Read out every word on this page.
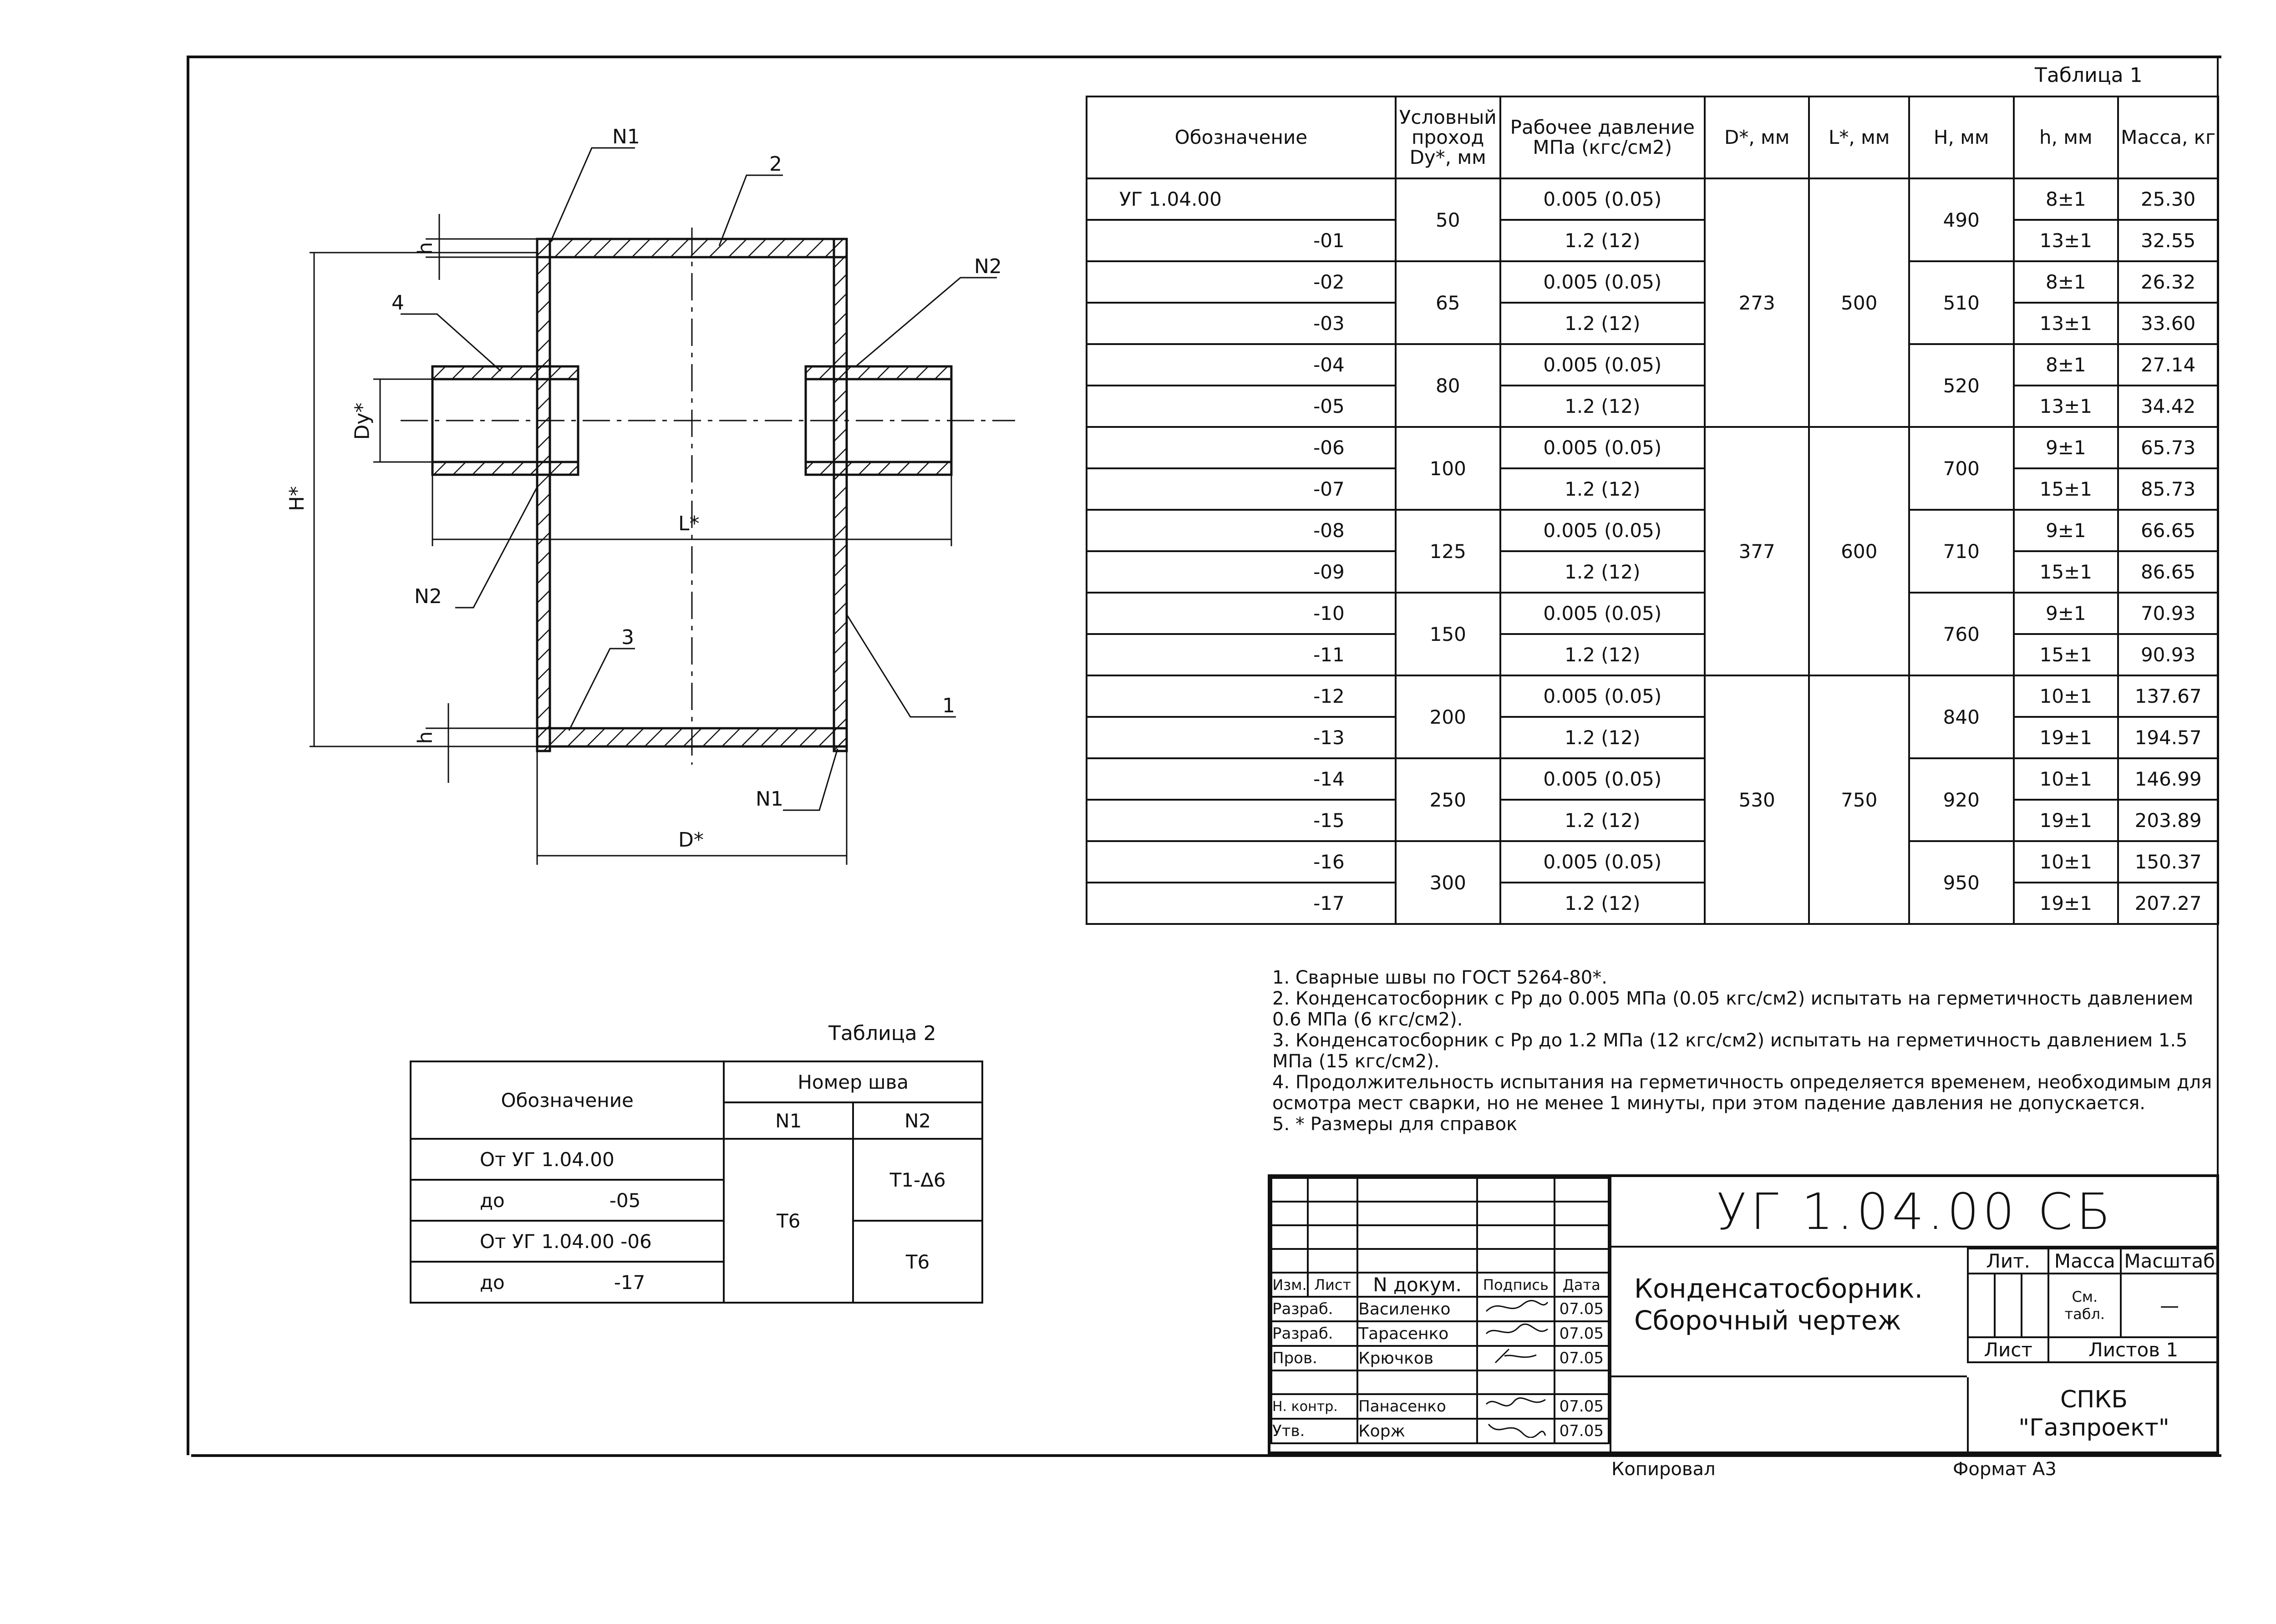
N1
2
N2
4
N2
3
1
N1
h
h
Dу*
H*
L*
D*
Таблица 1
Обозначение	Условный проход Dу*, мм	Рабочее давление МПа (кгс/см2)	D*, мм	L*, мм	H, мм	h, мм	Масса, кг
УГ 1.04.00	50	0.005 (0.05)	273	500	490	8±1	25.30
-01		1.2 (12)				13±1	32.55
-02	65	0.005 (0.05)			510	8±1	26.32
-03		1.2 (12)				13±1	33.60
-04	80	0.005 (0.05)			520	8±1	27.14
-05		1.2 (12)				13±1	34.42
-06	100	0.005 (0.05)	377	600	700	9±1	65.73
-07		1.2 (12)				15±1	85.73
-08	125	0.005 (0.05)			710	9±1	66.65
-09		1.2 (12)				15±1	86.65
-10	150	0.005 (0.05)			760	9±1	70.93
-11		1.2 (12)				15±1	90.93
-12	200	0.005 (0.05)	530	750	840	10±1	137.67
-13		1.2 (12)				19±1	194.57
-14	250	0.005 (0.05)			920	10±1	146.99
-15		1.2 (12)				19±1	203.89
-16	300	0.005 (0.05)			950	10±1	150.37
-17		1.2 (12)				19±1	207.27

1. Сварные швы по ГОСТ 5264-80*.

2. Конденсатосборник с Рр до 0.005 МПа (0.05 кгс/см2) испытать на герметичность давлением 0.6 МПа (6 кгс/см2).

3. Конденсатосборник с Рр до 1.2 МПа (12 кгс/см2) испытать на герметичность давлением 1.5 МПа (15 кгс/см2).

4. Продолжительность испытания на герметичность определяется временем, необходимым для осмотра мест сварки, но не менее 1 минуты, при этом падение давления не допускается.

5. * Размеры для справок

Таблица 2
Обозначение	Номер шва	
	N1	N2
От УГ 1.04.00	Т6	Т1-Δ6
до -05		
От УГ 1.04.00 -06		Т6
до -17		

					Изм.	Лист	N докум.	Подпись	Дата
Разраб.		Василенко		07.05
Разраб.		Тарасенко		07.05
Пров.		Крючков		07.05

Н. контр.		Панасенко		07.05
Утв.		Корж		07.05
УГ 1.04.00 СБ
Конденсатосборник.
Сборочный чертеж
Лит.			Масса	Масштаб
			См. табл.	—
Лист			Листов 1	
СПКБ
"Газпроект"
Копировал	Формат А3
